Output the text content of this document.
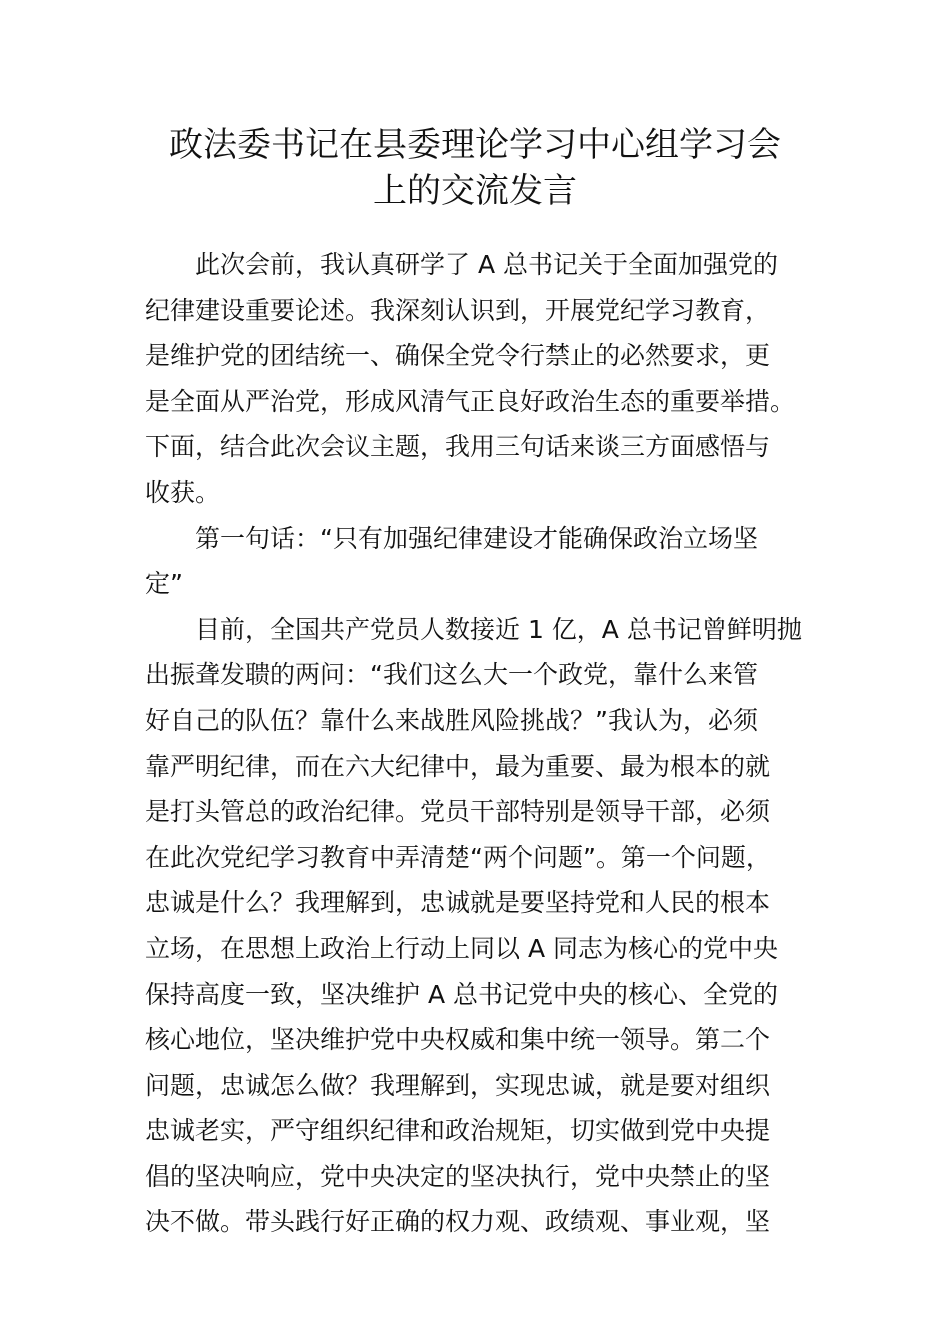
政法委书记在县委理论学习中心组学习会
上的交流发言
此次会前，我认真研学了 A 总书记关于全面加强党的
纪律建设重要论述。我深刻认识到，开展党纪学习教育，
是维护党的团结统一、确保全党令行禁止的必然要求，更
是全面从严治党，形成风清气正良好政治生态的重要举措。
下面，结合此次会议主题，我用三句话来谈三方面感悟与
收获。
第一句话：“只有加强纪律建设才能确保政治立场坚
定”
目前，全国共产党员人数接近 1 亿，A 总书记曾鲜明抛
出振聋发聩的两问：“我们这么大一个政党，靠什么来管
好自己的队伍？靠什么来战胜风险挑战？”我认为，必须
靠严明纪律，而在六大纪律中，最为重要、最为根本的就
是打头管总的政治纪律。党员干部特别是领导干部，必须
在此次党纪学习教育中弄清楚“两个问题”。第一个问题，
忠诚是什么？我理解到，忠诚就是要坚持党和人民的根本
立场，在思想上政治上行动上同以 A 同志为核心的党中央
保持高度一致，坚决维护 A 总书记党中央的核心、全党的
核心地位，坚决维护党中央权威和集中统一领导。第二个
问题，忠诚怎么做？我理解到，实现忠诚，就是要对组织
忠诚老实，严守组织纪律和政治规矩，切实做到党中央提
倡的坚决响应，党中央决定的坚决执行，党中央禁止的坚
决不做。带头践行好正确的权力观、政绩观、事业观，坚
